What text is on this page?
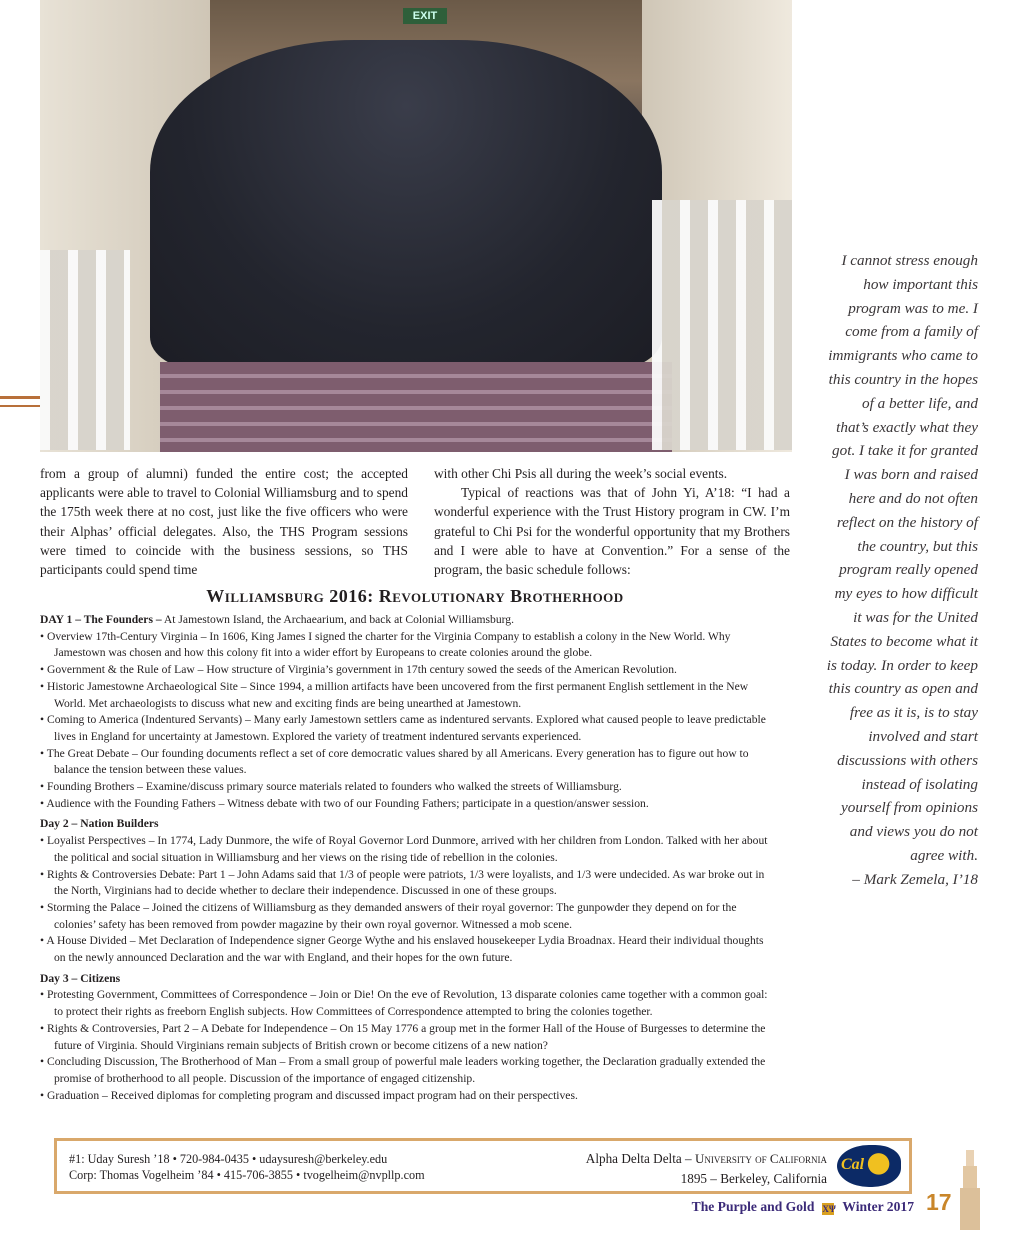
EXIT

from a group of alumni) funded the entire cost; the accepted applicants were able to travel to Colonial Williamsburg and to spend the 175th week there at no cost, just like the five officers who were their Alphas’ official delegates. Also, the THS Program sessions were timed to coincide with the business sessions, so THS participants could spend time

with other Chi Psis all during the week’s social events.

Typical of reactions was that of John Yi, A’18: “I had a wonderful experience with the Trust History program in CW. I’m grateful to Chi Psi for the wonderful opportunity that my Brothers and I were able to have at Convention.” For a sense of the program, the basic schedule follows:

I cannot stress enough how important this program was to me. I come from a family of immigrants who came to this country in the hopes of a better life, and that’s exactly what they got. I take it for granted I was born and raised here and do not often reflect on the history of the country, but this program really opened my eyes to how difficult it was for the United States to become what it is today. In order to keep this country as open and free as it is, is to stay involved and start discussions with others instead of isolating yourself from opinions and views you do not agree with.

– Mark Zemela, I’18

Williamsburg 2016: Revolutionary Brotherhood

DAY 1 – The Founders – At Jamestown Island, the Archaearium, and back at Colonial Williamsburg.

• Overview 17th-Century Virginia – In 1606, King James I signed the charter for the Virginia Company to establish a colony in the New World. Why Jamestown was chosen and how this colony fit into a wider effort by Europeans to create colonies around the globe.

• Government & the Rule of Law – How structure of Virginia’s government in 17th century sowed the seeds of the American Revolution.

• Historic Jamestowne Archaeological Site – Since 1994, a million artifacts have been uncovered from the first permanent English settlement in the New World. Met archaeologists to discuss what new and exciting finds are being unearthed at Jamestown.

• Coming to America (Indentured Servants) – Many early Jamestown settlers came as indentured servants. Explored what caused people to leave predictable lives in England for uncertainty at Jamestown. Explored the variety of treatment indentured servants experienced.

• The Great Debate – Our founding documents reflect a set of core democratic values shared by all Americans. Every generation has to figure out how to balance the tension between these values.

• Founding Brothers – Examine/discuss primary source materials related to founders who walked the streets of Williamsburg.

• Audience with the Founding Fathers – Witness debate with two of our Founding Fathers; participate in a question/answer session.

Day 2 – Nation Builders

• Loyalist Perspectives – In 1774, Lady Dunmore, the wife of Royal Governor Lord Dunmore, arrived with her children from London. Talked with her about the political and social situation in Williamsburg and her views on the rising tide of rebellion in the colonies.

• Rights & Controversies Debate: Part 1 – John Adams said that 1/3 of people were patriots, 1/3 were loyalists, and 1/3 were undecided. As war broke out in the North, Virginians had to decide whether to declare their independence. Discussed in one of these groups.

• Storming the Palace – Joined the citizens of Williamsburg as they demanded answers of their royal governor: The gunpowder they depend on for the colonies’ safety has been removed from powder magazine by their own royal governor. Witnessed a mob scene.

• A House Divided – Met Declaration of Independence signer George Wythe and his enslaved housekeeper Lydia Broadnax. Heard their individual thoughts on the newly announced Declaration and the war with England, and their hopes for the own future.

Day 3 – Citizens

• Protesting Government, Committees of Correspondence – Join or Die! On the eve of Revolution, 13 disparate colonies came together with a common goal: to protect their rights as freeborn English subjects. How Committees of Correspondence attempted to bring the colonies together.

• Rights & Controversies, Part 2 – A Debate for Independence – On 15 May 1776 a group met in the former Hall of the House of Burgesses to determine the future of Virginia. Should Virginians remain subjects of British crown or become citizens of a new nation?

• Concluding Discussion, The Brotherhood of Man – From a small group of powerful male leaders working together, the Declaration gradually extended the promise of brotherhood to all people. Discussion of the importance of engaged citizenship.

• Graduation – Received diplomas for completing program and discussed impact program had on their perspectives.

#1: Uday Suresh ’18 • 720-984-0435 • udaysuresh@berkeley.edu

Corp: Thomas Vogelheim ’84 • 415-706-3855 • tvogelheim@nvpllp.com

Alpha Delta Delta – University of California

1895 – Berkeley, California

Cal
The Purple and Gold ΧΨ Winter 2017 17
